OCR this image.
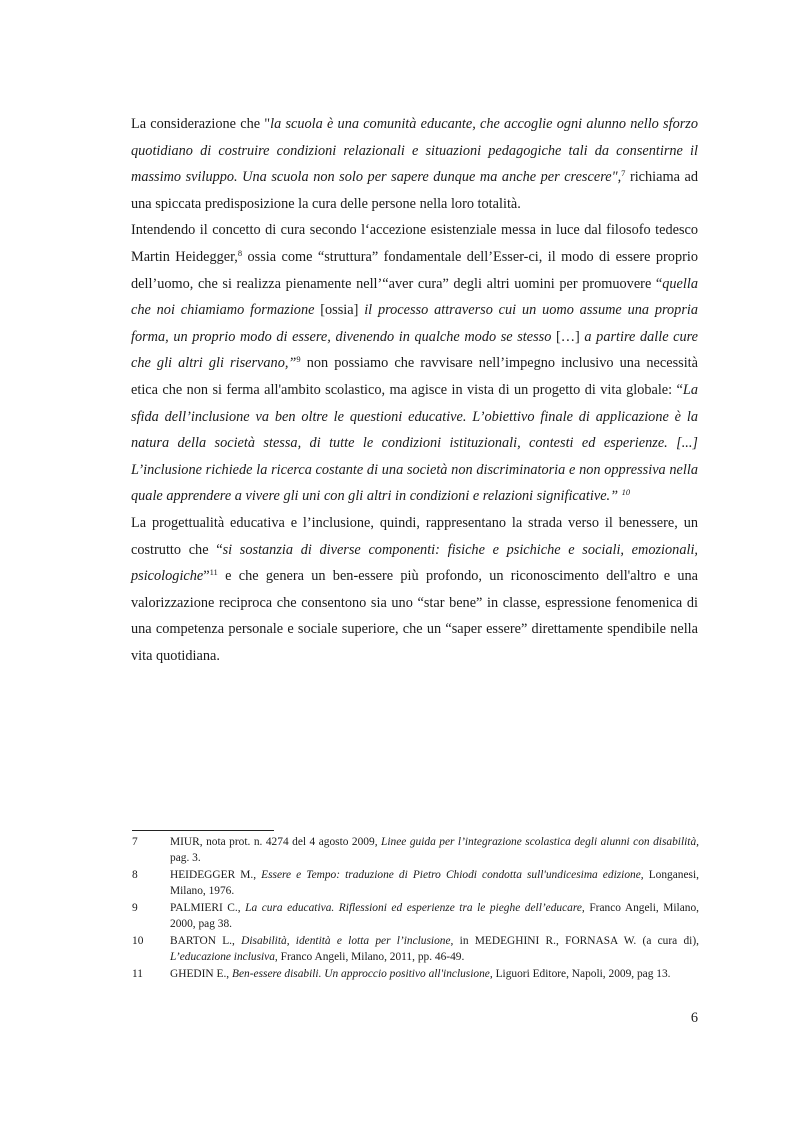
La considerazione che "la scuola è una comunità educante, che accoglie ogni alunno nello sforzo quotidiano di costruire condizioni relazionali e situazioni pedagogiche tali da consentirne il massimo sviluppo. Una scuola non solo per sapere dunque ma anche per crescere",$^7$ richiama ad una spiccata predisposizione la cura delle persone nella loro totalità.

Intendendo il concetto di cura secondo l‘accezione esistenziale messa in luce dal filosofo tedesco Martin Heidegger,$^8$ ossia come “struttura” fondamentale dell’Esser-ci, il modo di essere proprio dell’uomo, che si realizza pienamente nell’“aver cura” degli altri uomini per promuovere “quella che noi chiamiamo formazione [ossia] il processo attraverso cui un uomo assume una propria forma, un proprio modo di essere, divenendo in qualche modo se stesso […] a partire dalle cure che gli altri gli riservano,”$^9$ non possiamo che ravvisare nell’impegno inclusivo una necessità etica che non si ferma all'ambito scolastico, ma agisce in vista di un progetto di vita globale: “La sfida dell’inclusione va ben oltre le questioni educative. L’obiettivo finale di applicazione è la natura della società stessa, di tutte le condizioni istituzionali, contesti ed esperienze. [...] L’inclusione richiede la ricerca costante di una società non discriminatoria e non oppressiva nella quale apprendere a vivere gli uni con gli altri in condizioni e relazioni significative.” $^{10}$

La progettualità educativa e l’inclusione, quindi, rappresentano la strada verso il benessere, un costrutto che “si sostanzia di diverse componenti: fisiche e psichiche e sociali, emozionali, psicologiche”$^{11}$ e che genera un ben-essere più profondo, un riconoscimento dell'altro e una valorizzazione reciproca che consentono sia uno “star bene” in classe, espressione fenomenica di una competenza personale e sociale superiore, che un “saper essere” direttamente spendibile nella vita quotidiana.

7	MIUR, nota prot. n. 4274 del 4 agosto 2009, Linee guida per l’integrazione scolastica degli alunni con disabilità, pag. 3.
8	HEIDEGGER M., Essere e Tempo: traduzione di Pietro Chiodi condotta sull'undicesima edizione, Longanesi, Milano, 1976.
9	PALMIERI C., La cura educativa. Riflessioni ed esperienze tra le pieghe dell’educare, Franco Angeli, Milano, 2000, pag 38.
10	BARTON L., Disabilità, identità e lotta per l’inclusione, in MEDEGHINI R., FORNASA W. (a cura di), L’educazione inclusiva, Franco Angeli, Milano, 2011, pp. 46-49.
11	GHEDIN E., Ben-essere disabili. Un approccio positivo all'inclusione, Liguori Editore, Napoli, 2009, pag 13.
6
